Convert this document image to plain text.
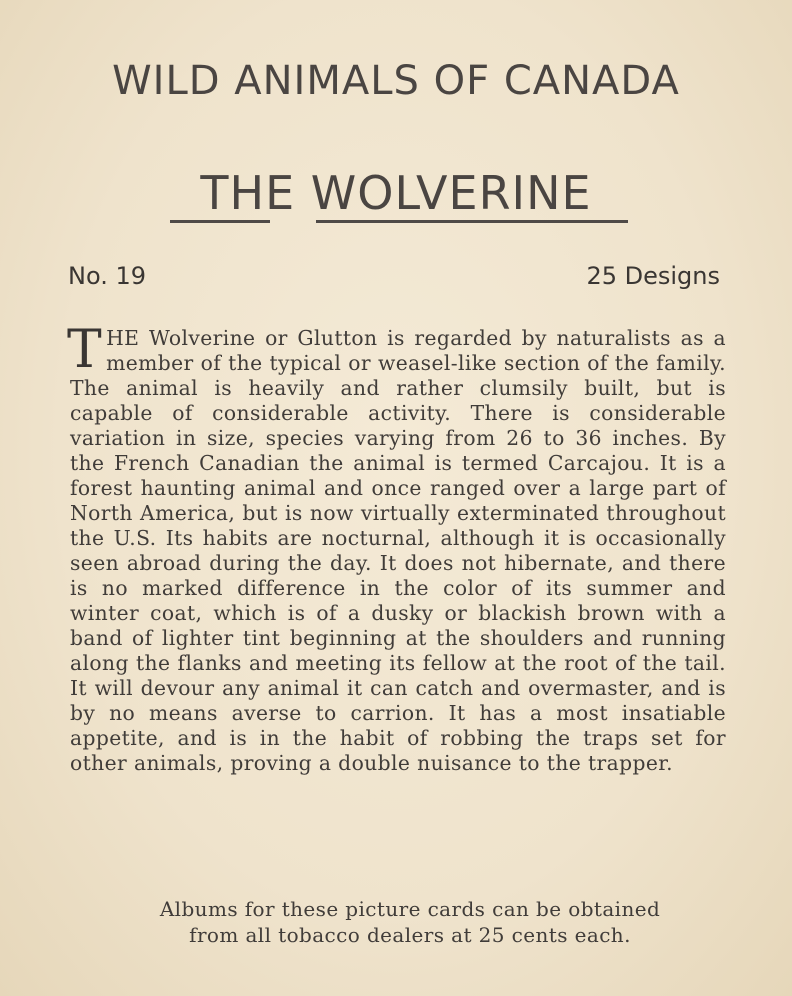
WILD ANIMALS OF CANADA
THE WOLVERINE
No. 19	25 Designs

THE Wolverine or Glutton is regarded by naturalists as a member of the typical or weasel-like section of the family. The animal is heavily and rather clumsily built, but is capable of considerable activity. There is considerable variation in size, species varying from 26 to 36 inches. By the French Canadian the animal is termed Carcajou. It is a forest haunting animal and once ranged over a large part of North America, but is now virtually exterminated throughout the U.S. Its habits are nocturnal, although it is occasionally seen abroad during the day. It does not hibernate, and there is no marked difference in the color of its summer and winter coat, which is of a dusky or blackish brown with a band of lighter tint beginning at the shoulders and running along the flanks and meeting its fellow at the root of the tail. It will devour any animal it can catch and overmaster, and is by no means averse to carrion. It has a most insatiable appetite, and is in the habit of robbing the traps set for other animals, proving a double nuisance to the trapper.

Albums for these picture cards can be obtained
from all tobacco dealers at 25 cents each.
